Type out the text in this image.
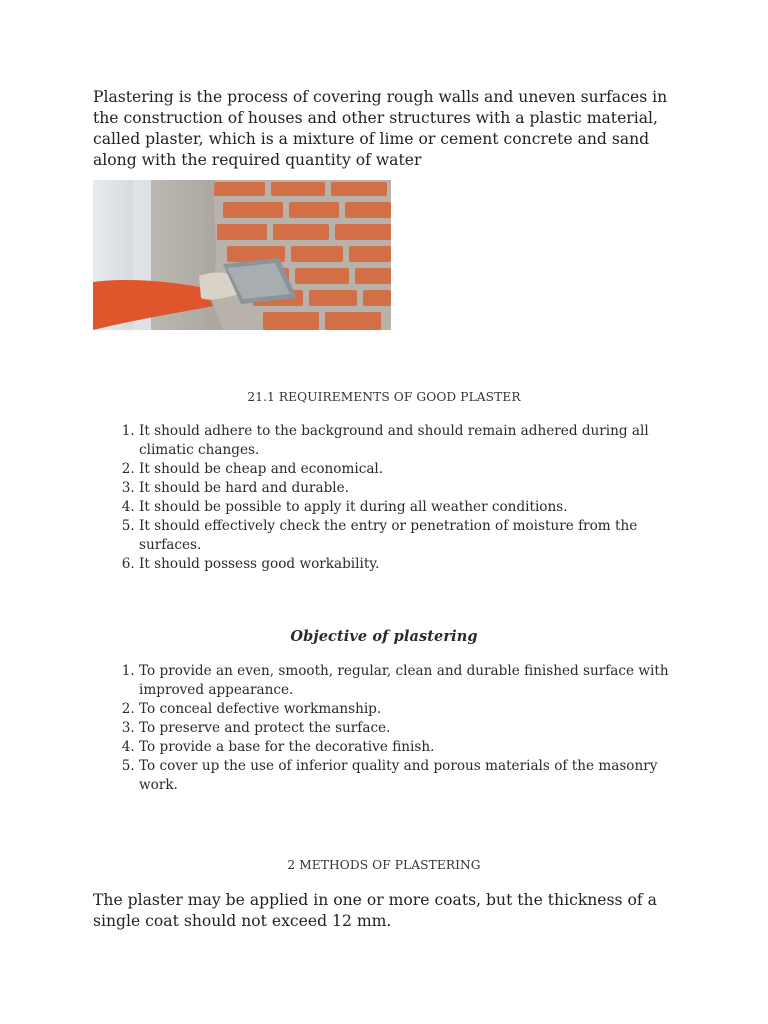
Plastering is the process of covering rough walls and uneven surfaces in the construction of houses and other structures with a plastic material, called plaster, which is a mixture of lime or cement concrete and sand along with the required quantity of water

21.1 REQUIREMENTS OF GOOD PLASTER

1. It should adhere to the background and should remain adhered during all climatic changes.
2. It should be cheap and economical.
3. It should be hard and durable.
4. It should be possible to apply it during all weather conditions.
5. It should effectively check the entry or penetration of moisture from the surfaces.
6. It should possess good workability.

Objective of plastering

1. To provide an even, smooth, regular, clean and durable finished surface with improved appearance.
2. To conceal defective workmanship.
3. To preserve and protect the surface.
4. To provide a base for the decorative finish.
5. To cover up the use of inferior quality and porous materials of the masonry work.

2 METHODS OF PLASTERING

The plaster may be applied in one or more coats, but the thickness of a single coat should not exceed 12 mm.
